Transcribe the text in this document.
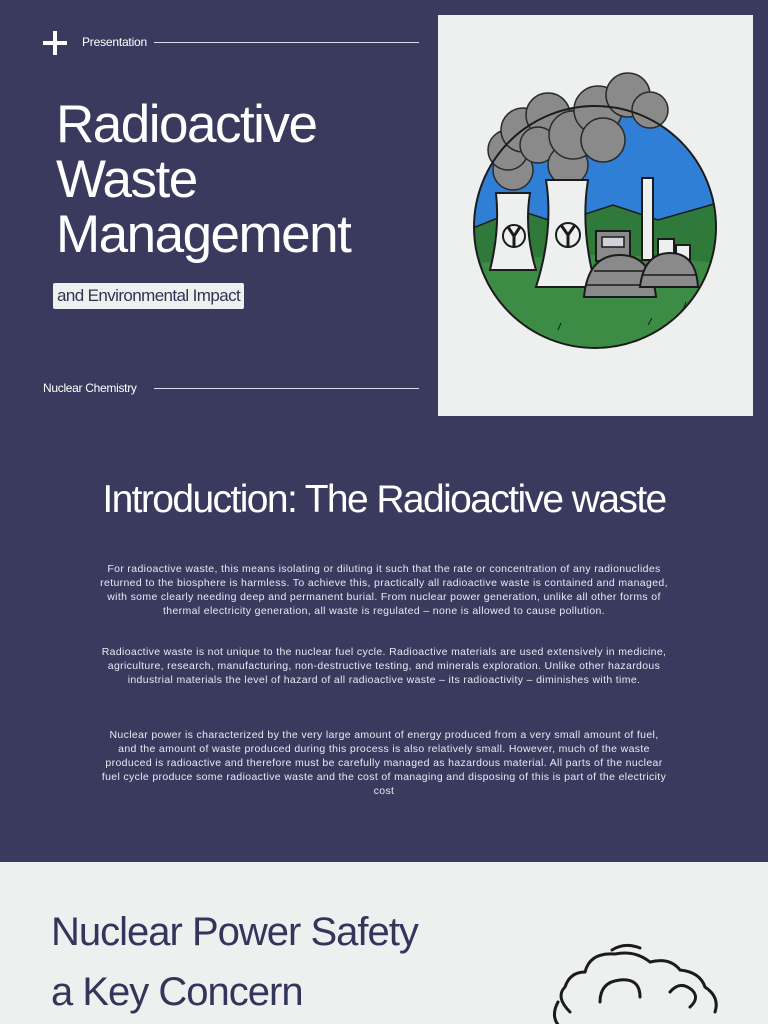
Presentation
Radioactive
Waste
Management
and Environmental Impact
Nuclear Chemistry
Introduction: The Radioactive waste

For radioactive waste, this means isolating or diluting it such that the rate or concentration of any radionuclides returned to the biosphere is harmless. To achieve this, practically all radioactive waste is contained and managed, with some clearly needing deep and permanent burial. From nuclear power generation, unlike all other forms of thermal electricity generation, all waste is regulated – none is allowed to cause pollution.

Radioactive waste is not unique to the nuclear fuel cycle. Radioactive materials are used extensively in medicine, agriculture, research, manufacturing, non-destructive testing, and minerals exploration. Unlike other hazardous industrial materials the level of hazard of all radioactive waste – its radioactivity – diminishes with time.

Nuclear power is characterized by the very large amount of energy produced from a very small amount of fuel, and the amount of waste produced during this process is also relatively small. However, much of the waste produced is radioactive and therefore must be carefully managed as hazardous material. All parts of the nuclear fuel cycle produce some radioactive waste and the cost of managing and disposing of this is part of the electricity cost

Nuclear Power Safety
a Key Concern
